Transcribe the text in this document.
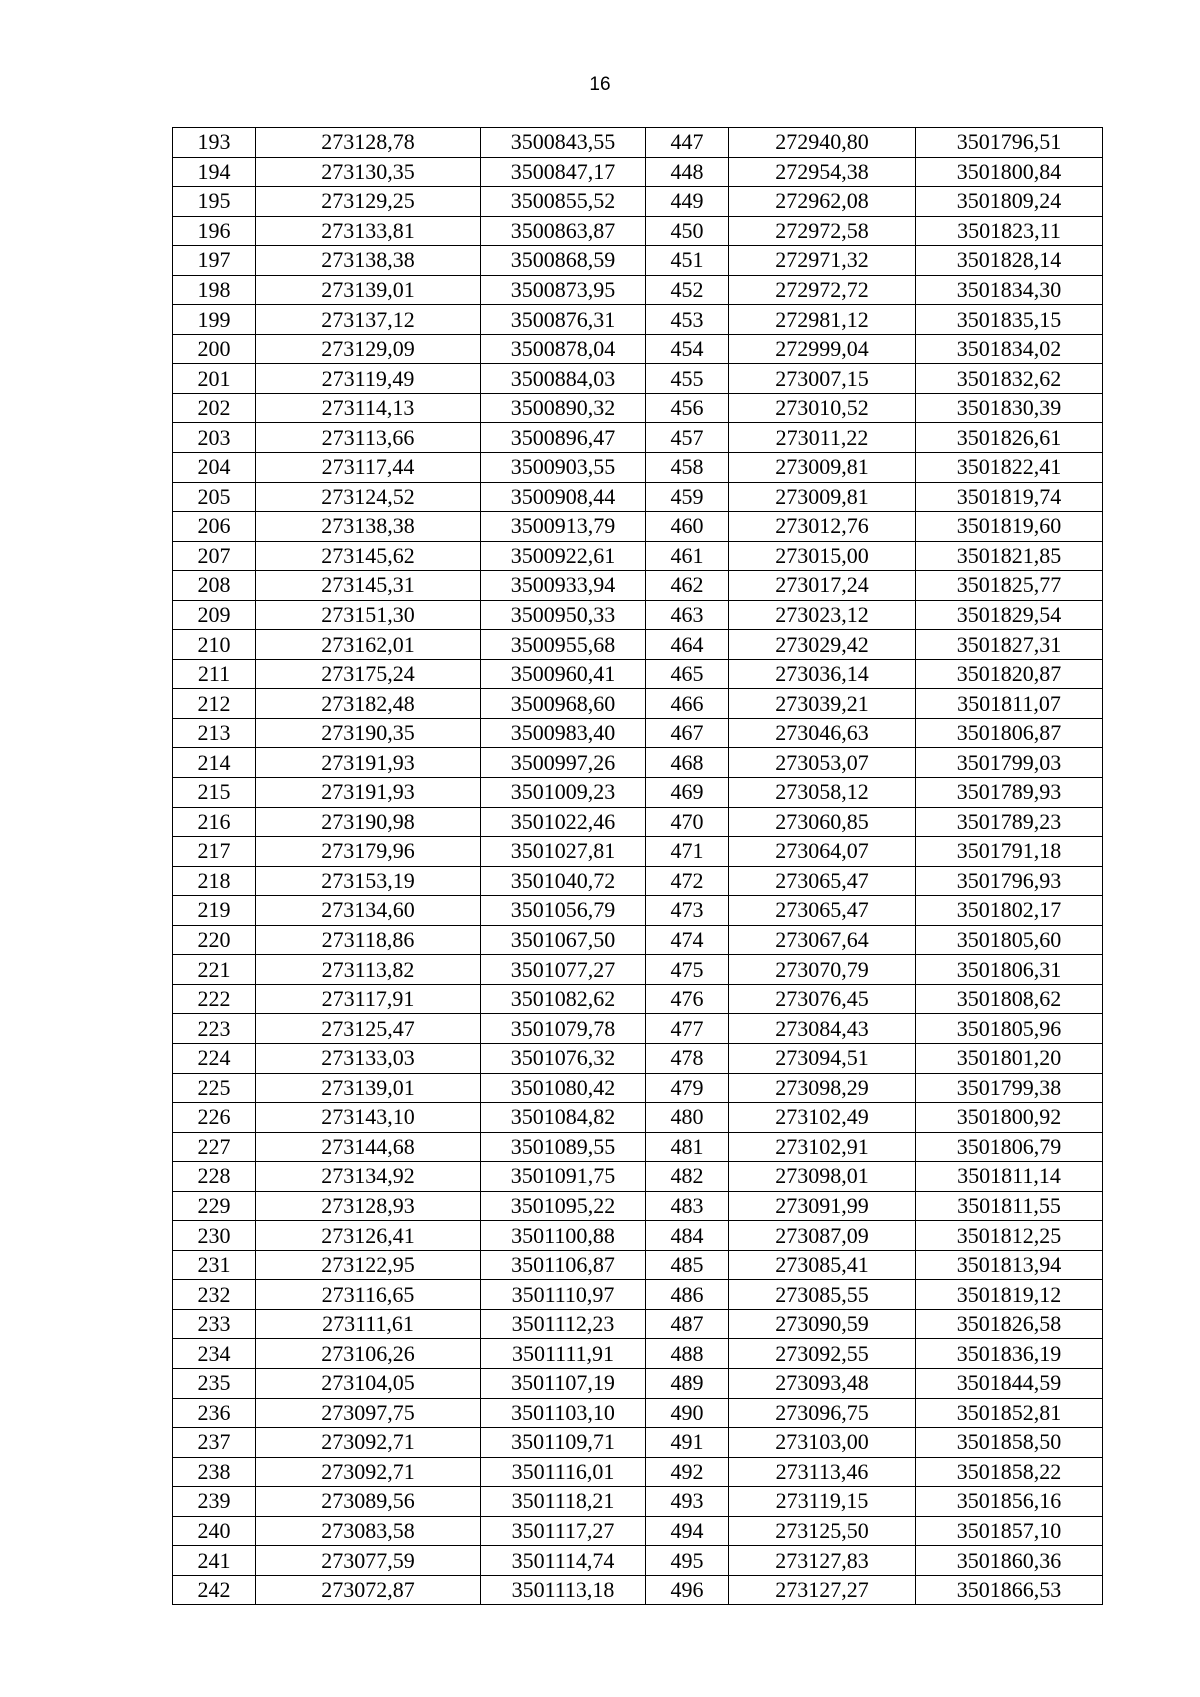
16
193	273128,78	3500843,55	447	272940,80	3501796,51
194	273130,35	3500847,17	448	272954,38	3501800,84
195	273129,25	3500855,52	449	272962,08	3501809,24
196	273133,81	3500863,87	450	272972,58	3501823,11
197	273138,38	3500868,59	451	272971,32	3501828,14
198	273139,01	3500873,95	452	272972,72	3501834,30
199	273137,12	3500876,31	453	272981,12	3501835,15
200	273129,09	3500878,04	454	272999,04	3501834,02
201	273119,49	3500884,03	455	273007,15	3501832,62
202	273114,13	3500890,32	456	273010,52	3501830,39
203	273113,66	3500896,47	457	273011,22	3501826,61
204	273117,44	3500903,55	458	273009,81	3501822,41
205	273124,52	3500908,44	459	273009,81	3501819,74
206	273138,38	3500913,79	460	273012,76	3501819,60
207	273145,62	3500922,61	461	273015,00	3501821,85
208	273145,31	3500933,94	462	273017,24	3501825,77
209	273151,30	3500950,33	463	273023,12	3501829,54
210	273162,01	3500955,68	464	273029,42	3501827,31
211	273175,24	3500960,41	465	273036,14	3501820,87
212	273182,48	3500968,60	466	273039,21	3501811,07
213	273190,35	3500983,40	467	273046,63	3501806,87
214	273191,93	3500997,26	468	273053,07	3501799,03
215	273191,93	3501009,23	469	273058,12	3501789,93
216	273190,98	3501022,46	470	273060,85	3501789,23
217	273179,96	3501027,81	471	273064,07	3501791,18
218	273153,19	3501040,72	472	273065,47	3501796,93
219	273134,60	3501056,79	473	273065,47	3501802,17
220	273118,86	3501067,50	474	273067,64	3501805,60
221	273113,82	3501077,27	475	273070,79	3501806,31
222	273117,91	3501082,62	476	273076,45	3501808,62
223	273125,47	3501079,78	477	273084,43	3501805,96
224	273133,03	3501076,32	478	273094,51	3501801,20
225	273139,01	3501080,42	479	273098,29	3501799,38
226	273143,10	3501084,82	480	273102,49	3501800,92
227	273144,68	3501089,55	481	273102,91	3501806,79
228	273134,92	3501091,75	482	273098,01	3501811,14
229	273128,93	3501095,22	483	273091,99	3501811,55
230	273126,41	3501100,88	484	273087,09	3501812,25
231	273122,95	3501106,87	485	273085,41	3501813,94
232	273116,65	3501110,97	486	273085,55	3501819,12
233	273111,61	3501112,23	487	273090,59	3501826,58
234	273106,26	3501111,91	488	273092,55	3501836,19
235	273104,05	3501107,19	489	273093,48	3501844,59
236	273097,75	3501103,10	490	273096,75	3501852,81
237	273092,71	3501109,71	491	273103,00	3501858,50
238	273092,71	3501116,01	492	273113,46	3501858,22
239	273089,56	3501118,21	493	273119,15	3501856,16
240	273083,58	3501117,27	494	273125,50	3501857,10
241	273077,59	3501114,74	495	273127,83	3501860,36
242	273072,87	3501113,18	496	273127,27	3501866,53
